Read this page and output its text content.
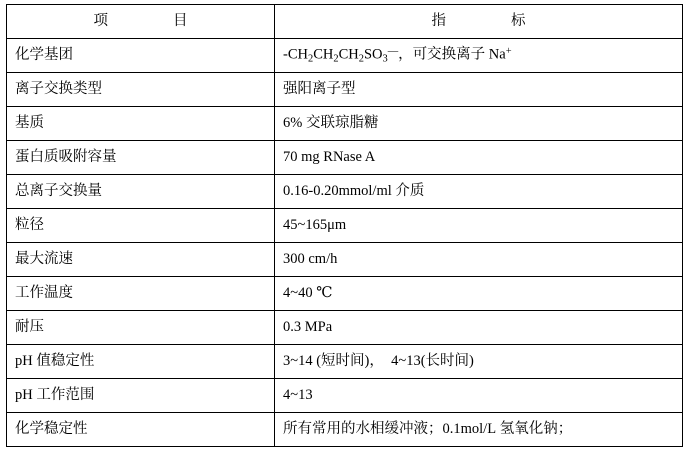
项　　目	指　　标
化学基团	$-CH_2CH_2CH_2SO_3^—$，可交换离子 Na+
离子交换类型	强阳离子型
基质	6% 交联琼脂糖
蛋白质吸附容量	70 mg RNase A
总离子交换量	0.16-0.20mmol/ml 介质
粒径	45~165μm
最大流速	300 cm/h
工作温度	4~40 ℃
耐压	0.3 MPa
pH 值稳定性	3~14 (短时间)，　4~13(长时间)
pH 工作范围	4~13
化学稳定性	所有常用的水相缓冲液；0.1mol/L 氢氧化钠；
